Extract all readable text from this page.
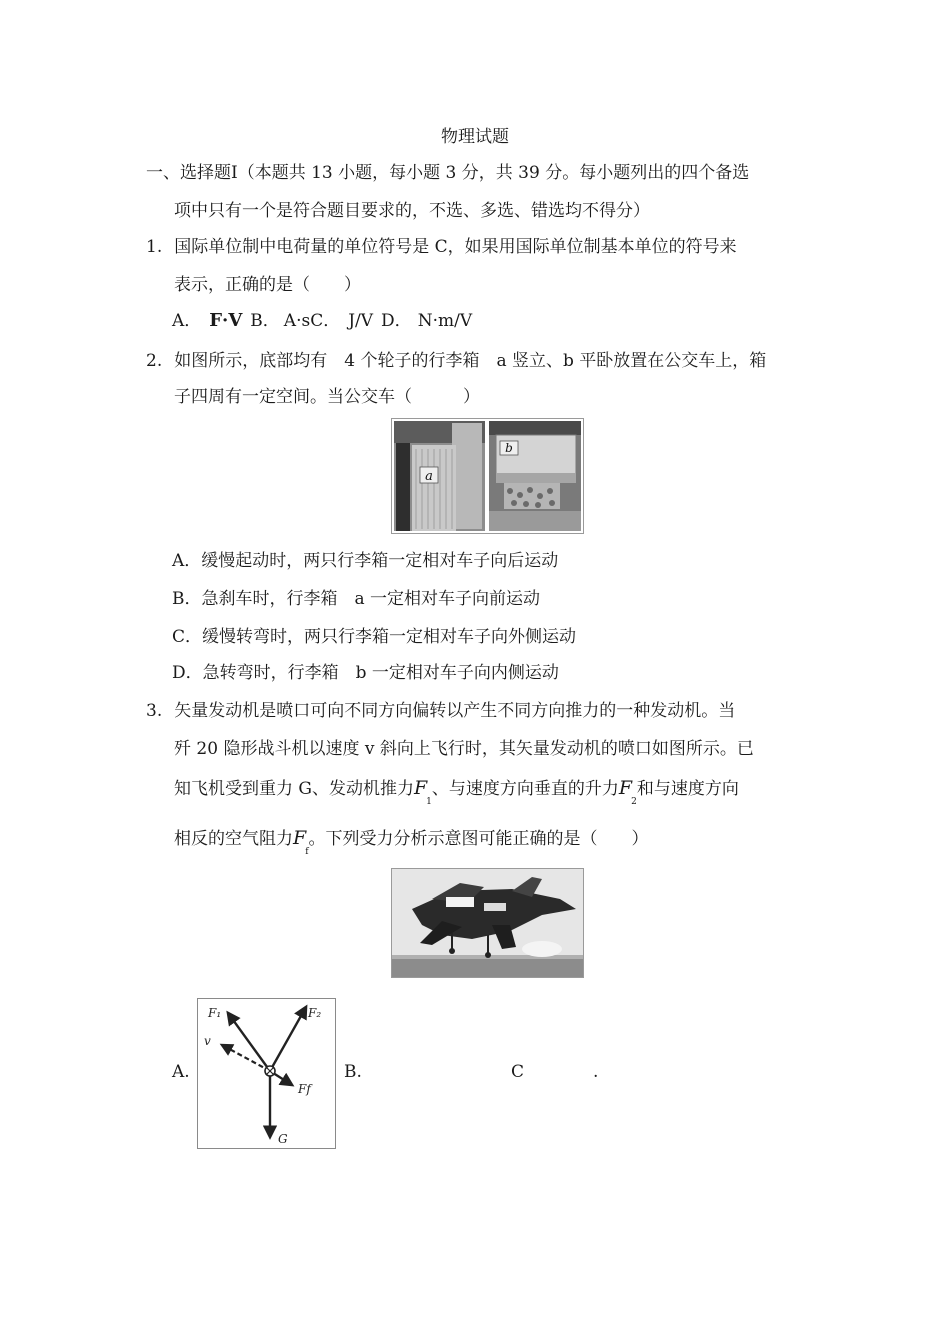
物理试题
一、选择题Ⅰ（本题共 13 小题，每小题 3 分，共 39 分。每小题列出的四个备选
项中只有一个是符合题目要求的，不选、多选、错选均不得分）
1. 国际单位制中电荷量的单位符号是 C，如果用国际单位制基本单位的符号来
表示，正确的是（　　）
A． F·V B． A·sC． J/V D． N·m/V
2. 如图所示，底部均有　4 个轮子的行李箱　a 竖立、b 平卧放置在公交车上，箱
子四周有一定空间。当公交车（　　　）
a
b
A．缓慢起动时，两只行李箱一定相对车子向后运动
B．急刹车时，行李箱　a 一定相对车子向前运动
C．缓慢转弯时，两只行李箱一定相对车子向外侧运动
D．急转弯时，行李箱　b 一定相对车子向内侧运动
3. 矢量发动机是喷口可向不同方向偏转以产生不同方向推力的一种发动机。当
歼 20 隐形战斗机以速度 v 斜向上飞行时，其矢量发动机的喷口如图所示。已
知飞机受到重力 G、发动机推力$F_1$、与速度方向垂直的升力$F_2$和与速度方向
相反的空气阻力$F_f$。下列受力分析示意图可能正确的是（　　）
A.
F₁	F₂
v
Ff
G
B.	C	.
